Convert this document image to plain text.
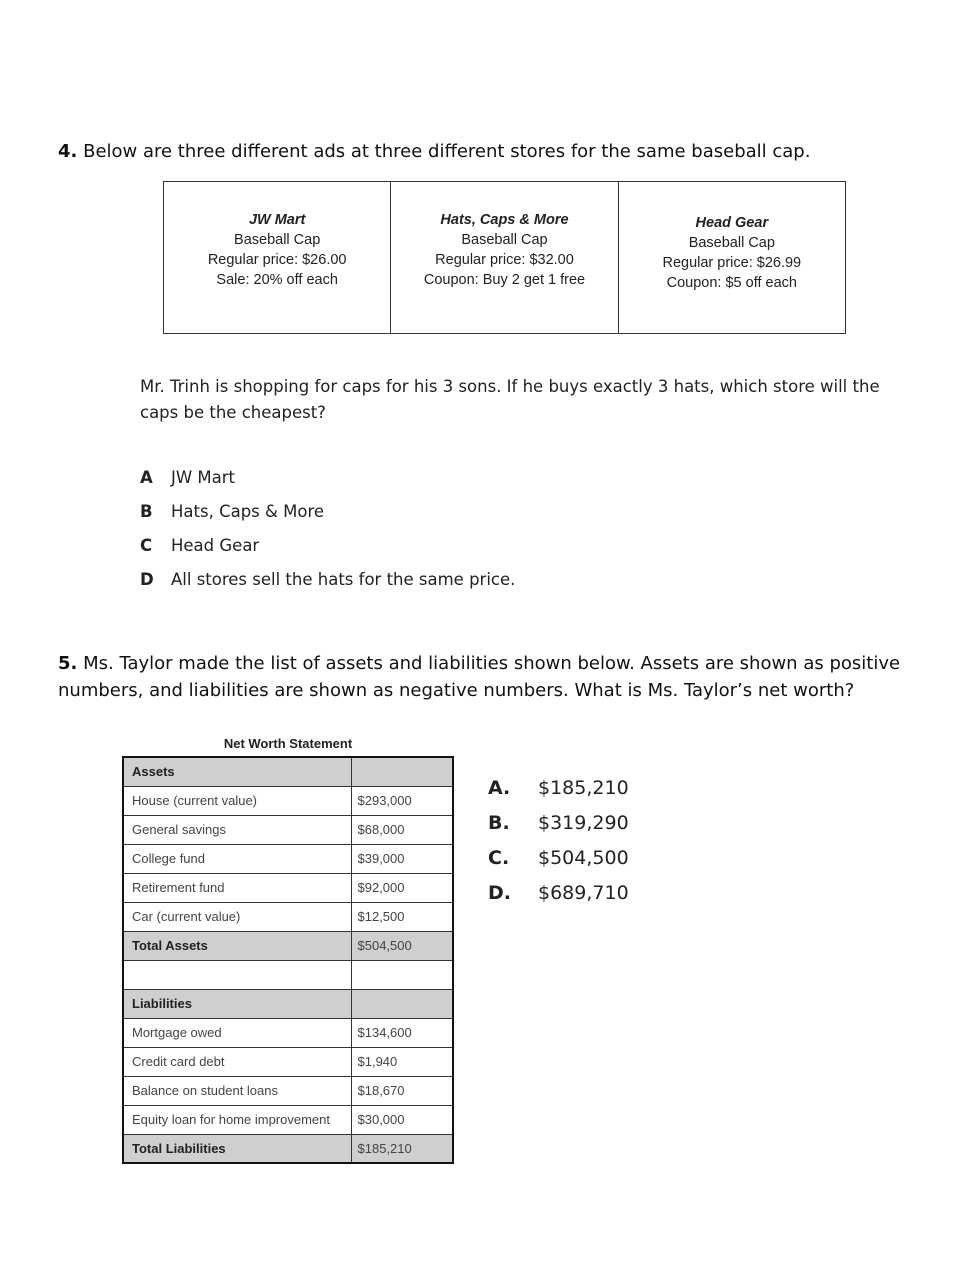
4. Below are three different ads at three different stores for the same baseball cap.
JW Mart
Baseball Cap
Regular price: $26.00
Sale: 20% off each
Hats, Caps & More
Baseball Cap
Regular price: $32.00
Coupon: Buy 2 get 1 free
Head Gear
Baseball Cap
Regular price: $26.99
Coupon: $5 off each
Mr. Trinh is shopping for caps for his 3 sons. If he buys exactly 3 hats, which store will the caps be the cheapest?
A	JW Mart
B	Hats, Caps & More
C	Head Gear
D	All stores sell the hats for the same price.
5. Ms. Taylor made the list of assets and liabilities shown below. Assets are shown as positive numbers, and liabilities are shown as negative numbers. What is Ms. Taylor’s net worth?
Net Worth Statement
Assets	
House (current value)	$293,000
General savings	$68,000
College fund	$39,000
Retirement fund	$92,000
Car (current value)	$12,500
Total Assets	$504,500

Liabilities	
Mortgage owed	$134,600
Credit card debt	$1,940
Balance on student loans	$18,670
Equity loan for home improvement	$30,000
Total Liabilities	$185,210
A.	$185,210
B.	$319,290
C.	$504,500
D.	$689,710
